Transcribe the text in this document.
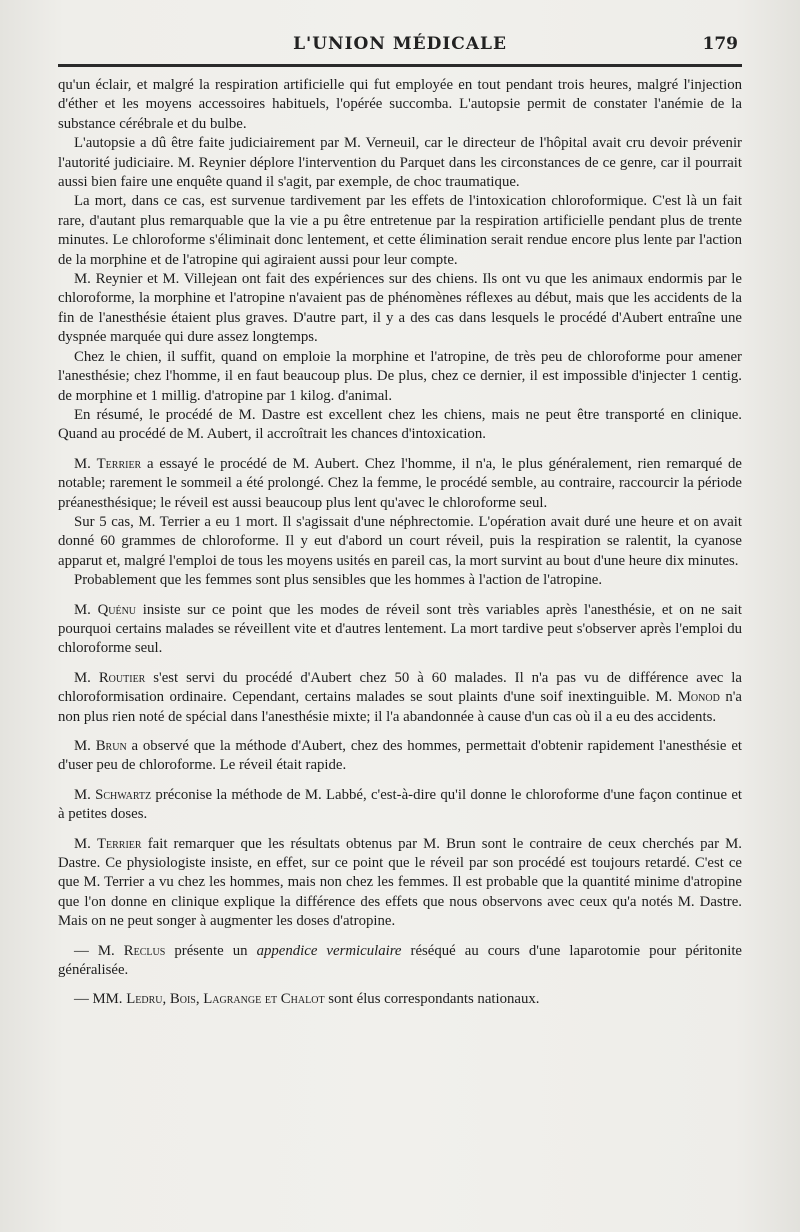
L'UNION MÉDICALE	179

qu'un éclair, et malgré la respiration artificielle qui fut employée en tout pendant trois heures, malgré l'injection d'éther et les moyens accessoires habituels, l'opérée succomba. L'autopsie permit de constater l'anémie de la substance cérébrale et du bulbe.

L'autopsie a dû être faite judiciairement par M. Verneuil, car le directeur de l'hôpital avait cru devoir prévenir l'autorité judiciaire. M. Reynier déplore l'intervention du Parquet dans les circonstances de ce genre, car il pourrait aussi bien faire une enquête quand il s'agit, par exemple, de choc traumatique.

La mort, dans ce cas, est survenue tardivement par les effets de l'intoxication chloroformique. C'est là un fait rare, d'autant plus remarquable que la vie a pu être entretenue par la respiration artificielle pendant plus de trente minutes. Le chloroforme s'éliminait donc lentement, et cette élimination serait rendue encore plus lente par l'action de la morphine et de l'atropine qui agiraient aussi pour leur compte.

M. Reynier et M. Villejean ont fait des expériences sur des chiens. Ils ont vu que les animaux endormis par le chloroforme, la morphine et l'atropine n'avaient pas de phénomènes réflexes au début, mais que les accidents de la fin de l'anesthésie étaient plus graves. D'autre part, il y a des cas dans lesquels le procédé d'Aubert entraîne une dyspnée marquée qui dure assez longtemps.

Chez le chien, il suffit, quand on emploie la morphine et l'atropine, de très peu de chloroforme pour amener l'anesthésie; chez l'homme, il en faut beaucoup plus. De plus, chez ce dernier, il est impossible d'injecter 1 centig. de morphine et 1 millig. d'atropine par 1 kilog. d'animal.

En résumé, le procédé de M. Dastre est excellent chez les chiens, mais ne peut être transporté en clinique. Quand au procédé de M. Aubert, il accroîtrait les chances d'intoxication.

M. Terrier a essayé le procédé de M. Aubert. Chez l'homme, il n'a, le plus généralement, rien remarqué de notable; rarement le sommeil a été prolongé. Chez la femme, le procédé semble, au contraire, raccourcir la période préanesthésique; le réveil est aussi beaucoup plus lent qu'avec le chloroforme seul.

Sur 5 cas, M. Terrier a eu 1 mort. Il s'agissait d'une néphrectomie. L'opération avait duré une heure et on avait donné 60 grammes de chloroforme. Il y eut d'abord un court réveil, puis la respiration se ralentit, la cyanose apparut et, malgré l'emploi de tous les moyens usités en pareil cas, la mort survint au bout d'une heure dix minutes.

Probablement que les femmes sont plus sensibles que les hommes à l'action de l'atropine.

M. Quénu insiste sur ce point que les modes de réveil sont très variables après l'anesthésie, et on ne sait pourquoi certains malades se réveillent vite et d'autres lentement. La mort tardive peut s'observer après l'emploi du chloroforme seul.

M. Routier s'est servi du procédé d'Aubert chez 50 à 60 malades. Il n'a pas vu de différence avec la chloroformisation ordinaire. Cependant, certains malades se sout plaints d'une soif inextinguible. M. Monod n'a non plus rien noté de spécial dans l'anesthésie mixte; il l'a abandonnée à cause d'un cas où il a eu des accidents.

M. Brun a observé que la méthode d'Aubert, chez des hommes, permettait d'obtenir rapidement l'anesthésie et d'user peu de chloroforme. Le réveil était rapide.

M. Schwartz préconise la méthode de M. Labbé, c'est-à-dire qu'il donne le chloroforme d'une façon continue et à petites doses.

M. Terrier fait remarquer que les résultats obtenus par M. Brun sont le contraire de ceux cherchés par M. Dastre. Ce physiologiste insiste, en effet, sur ce point que le réveil par son procédé est toujours retardé. C'est ce que M. Terrier a vu chez les hommes, mais non chez les femmes. Il est probable que la quantité minime d'atropine que l'on donne en clinique explique la différence des effets que nous observons avec ceux qu'a notés M. Dastre. Mais on ne peut songer à augmenter les doses d'atropine.

— M. Reclus présente un appendice vermiculaire réséqué au cours d'une laparotomie pour péritonite généralisée.

— MM. Ledru, Bois, Lagrange et Chalot sont élus correspondants nationaux.
